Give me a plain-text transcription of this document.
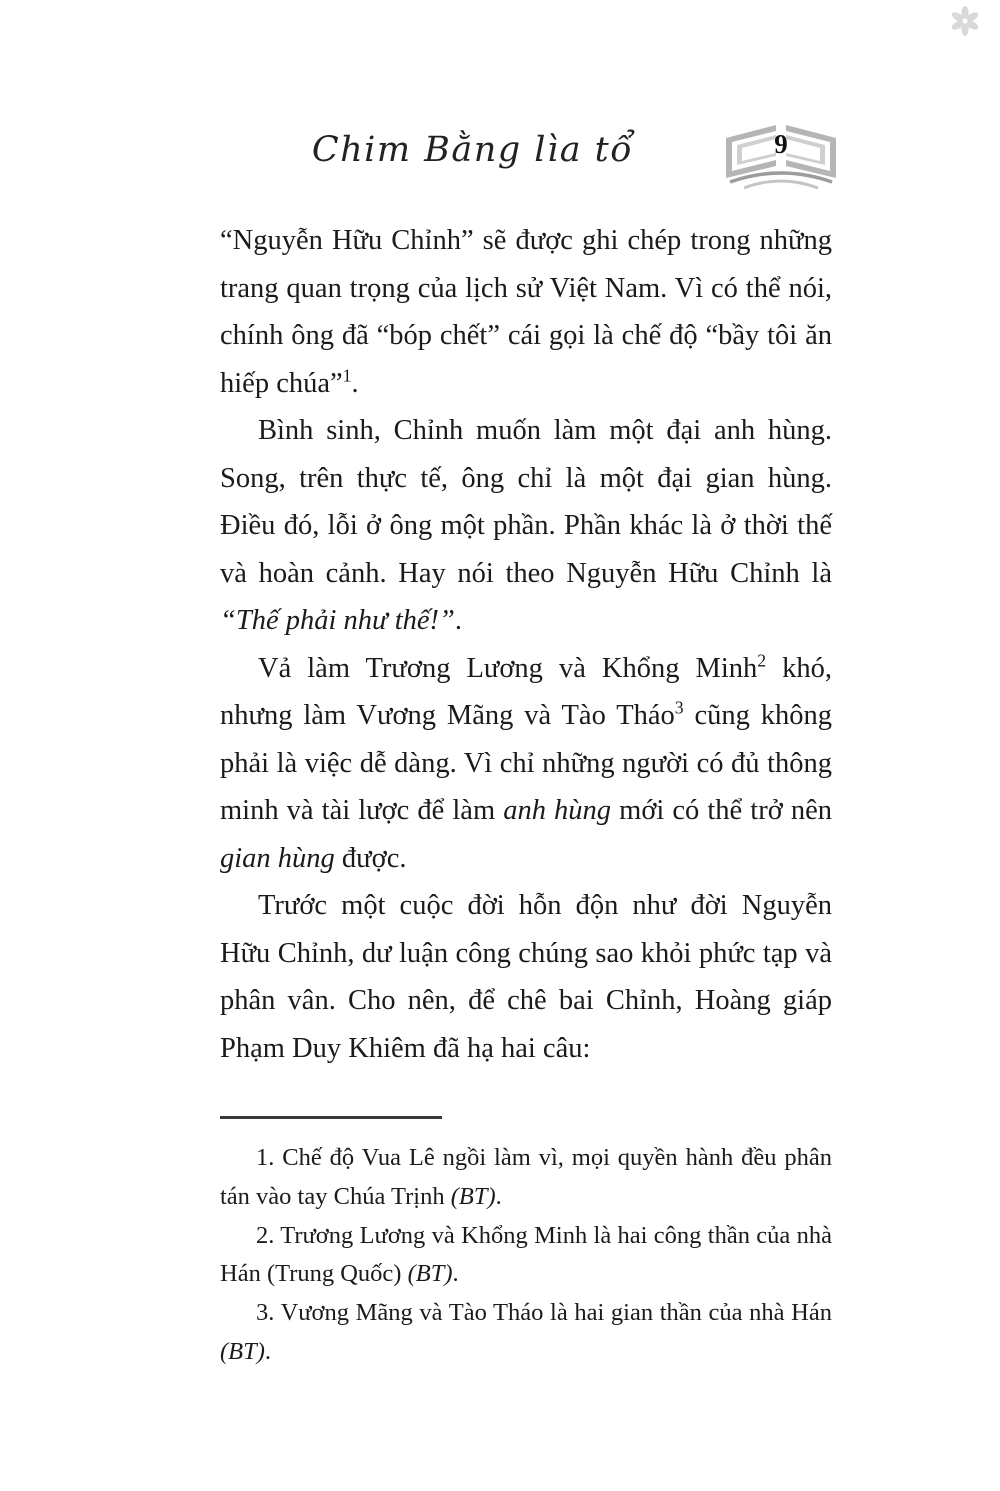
Chim Bằng lìa tổ	9

“Nguyễn Hữu Chỉnh” sẽ được ghi chép trong những trang quan trọng của lịch sử Việt Nam. Vì có thể nói, chính ông đã “bóp chết” cái gọi là chế độ “bầy tôi ăn hiếp chúa”$^1$.

Bình sinh, Chỉnh muốn làm một đại anh hùng. Song, trên thực tế, ông chỉ là một đại gian hùng. Điều đó, lỗi ở ông một phần. Phần khác là ở thời thế và hoàn cảnh. Hay nói theo Nguyễn Hữu Chỉnh là “Thế phải như thế!”.

Vả làm Trương Lương và Khổng Minh$^2$ khó, nhưng làm Vương Mãng và Tào Tháo$^3$ cũng không phải là việc dễ dàng. Vì chỉ những người có đủ thông minh và tài lược để làm anh hùng mới có thể trở nên gian hùng được.

Trước một cuộc đời hỗn độn như đời Nguyễn Hữu Chỉnh, dư luận công chúng sao khỏi phức tạp và phân vân. Cho nên, để chê bai Chỉnh, Hoàng giáp Phạm Duy Khiêm đã hạ hai câu:

1. Chế độ Vua Lê ngồi làm vì, mọi quyền hành đều phân tán vào tay Chúa Trịnh (BT).

2. Trương Lương và Khổng Minh là hai công thần của nhà Hán (Trung Quốc) (BT).

3. Vương Mãng và Tào Tháo là hai gian thần của nhà Hán (BT).
